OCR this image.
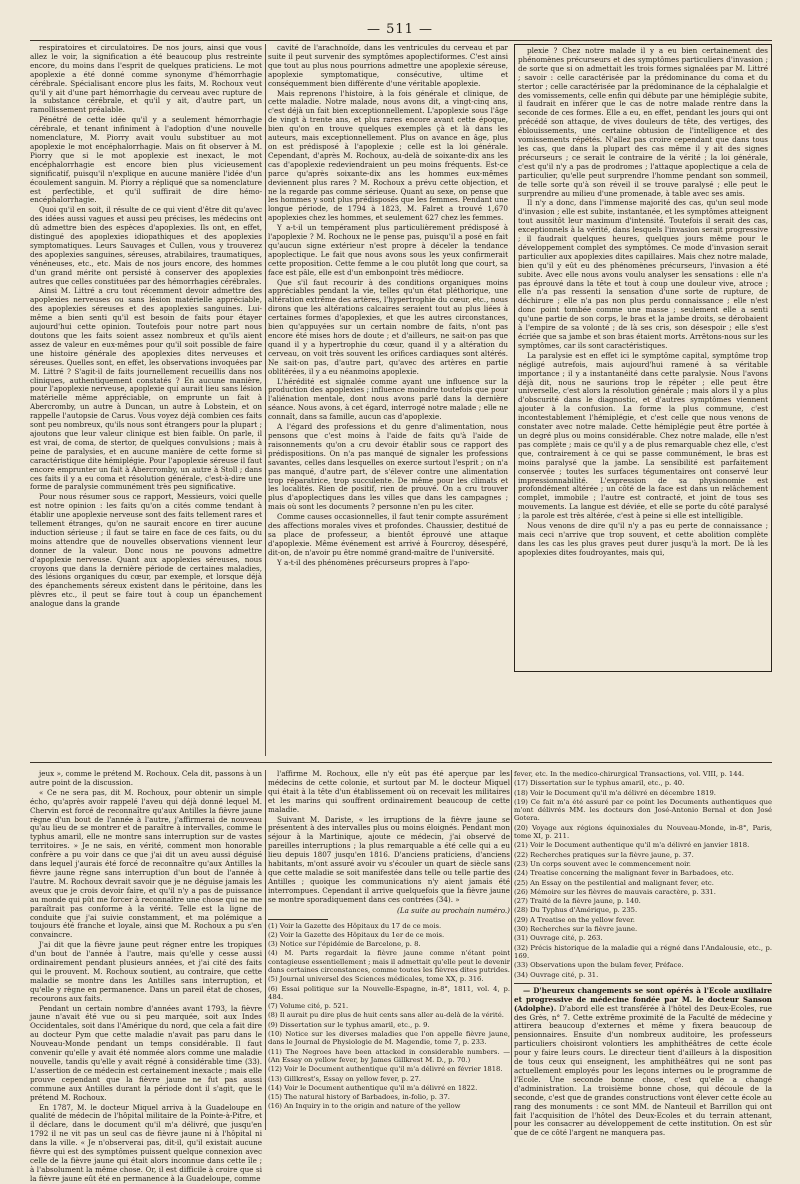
— 511 —

respiratoires et circulatoires. De nos jours, ainsi que vous allez le voir, la signification a été beaucoup plus restreinte encore, du moins dans l'esprit de quelques praticiens. Le mot apoplexie a été donné comme synonyme d'hémorrhagie cérébrale. Spécialisant encore plus les faits, M. Rochoux veut qu'il y ait d'une part hémorrhagie du cerveau avec rupture de la substance cérébrale, et qu'il y ait, d'autre part, un ramollissement préalable.

Pénétré de cette idée qu'il y a seulement hémorrhagie cérébrale, et tenant infiniment à l'adoption d'une nouvelle nomenclature, M. Piorry avait voulu substituer au mot apoplexie le mot encéphalorrhagie. Mais on fit observer à M. Piorry que si le mot apoplexie est inexact, le mot encéphalorrhagie est encore bien plus vicieusement significatif, puisqu'il n'explique en aucune manière l'idée d'un écoulement sanguin. M. Piorry a répliqué que sa nomenclature est perfectible, et qu'il suffirait de dire hémo-encéphalorrhagie.

Quoi qu'il en soit, il résulte de ce qui vient d'être dit qu'avec des idées aussi vagues et aussi peu précises, les médecins ont dû admettre bien des espèces d'apoplexies. Ils ont, en effet, distingué des apoplexies idiopathiques et des apoplexies symptomatiques. Leurs Sauvages et Cullen, vous y trouverez des apoplexies sanguines, séreuses, atrabilaires, traumatiques, vénéneuses, etc., etc. Mais de nos jours encore, des hommes d'un grand mérite ont persisté à conserver des apoplexies autres que celles constituées par des hémorrhagies cérébrales.

Ainsi M. Littré a cru tout récemment devoir admettre des apoplexies nerveuses ou sans lésion matérielle appréciable, des apoplexies séreuses et des apoplexies sanguines. Lui-même a bien senti qu'il est besoin de faits pour étayer aujourd'hui cette opinion. Toutefois pour notre part nous doutons que les faits soient assez nombreux et qu'ils aient assez de valeur en eux-mêmes pour qu'il soit possible de faire une histoire générale des apoplexies dites nerveuses et séreuses. Quelles sont, en effet, les observations invoquées par M. Littré ? S'agit-il de faits journellement recueillis dans nos cliniques, authentiquement constatés ? En aucune manière, pour l'apoplexie nerveuse, apoplexie qui aurait lieu sans lésion matérielle même appréciable, on emprunte un fait à Abercromby, un autre à Duncan, un autre à Lobstein, et on rappelle l'autopsie de Carus. Vous voyez déjà combien ces faits sont peu nombreux, qu'ils nous sont étrangers pour la plupart ; ajoutons que leur valeur clinique est bien faible. On parle, il est vrai, de coma, de stertor, de quelques convulsions ; mais à peine de paralysies, et en aucune manière de cette forme si caractéristique dite hémiplégie. Pour l'apoplexie séreuse il faut encore emprunter un fait à Abercromby, un autre à Stoll ; dans ces faits il y a eu coma et résolution générale, c'est-à-dire une forme de paralysie communément très peu significative.

Pour nous résumer sous ce rapport, Messieurs, voici quelle est notre opinion : les faits qu'on a cités comme tendant à établir une apoplexie nerveuse sont des faits tellement rares et tellement étranges, qu'on ne saurait encore en tirer aucune induction sérieuse ; il faut se taire en face de ces faits, ou du moins attendre que de nouvelles observations viennent leur donner de la valeur. Donc nous ne pouvons admettre d'apoplexie nerveuse. Quant aux apoplexies séreuses, nous croyons que dans la dernière période de certaines maladies, des lésions organiques du cœur, par exemple, et lorsque déjà des épanchements séreux existent dans le péritoine, dans les plèvres etc., il peut se faire tout à coup un épanchement analogue dans la grande

cavité de l'arachnoïde, dans les ventricules du cerveau et par suite il peut survenir des symptômes apoplectiformes. C'est ainsi que tout au plus nous pourrions admettre une apoplexie séreuse, apoplexie symptomatique, consécutive, ultime et conséquemment bien différente d'une véritable apoplexie.

Mais reprenons l'histoire, à la fois générale et clinique, de cette maladie. Notre malade, nous avons dit, a vingt-cinq ans, c'est déjà un fait bien exceptionnellement. L'apoplexie sous l'âge de vingt à trente ans, et plus rares encore avant cette époque, bien qu'on en trouve quelques exemples çà et là dans les auteurs, mais exceptionnellement. Plus on avance en âge, plus on est prédisposé à l'apoplexie ; celle est la loi générale. Cependant, d'après M. Rochoux, au-delà de soixante-dix ans les cas d'apoplexie redeviendraient un peu moins fréquents. Est-ce parce qu'après soixante-dix ans les hommes eux-mêmes deviennent plus rares ? M. Rochoux a prévu cette objection, et ne la regarde pas comme sérieuse. Quant au sexe, on pense que les hommes y sont plus prédisposés que les femmes. Pendant une longue période, de 1794 à 1823, M. Falret a trouvé 1,670 apoplexies chez les hommes, et seulement 627 chez les femmes.

Y a-t-il un tempérament plus particulièrement prédisposé à l'apoplexie ? M. Rochoux ne le pense pas, puisqu'il a posé en fait qu'aucun signe extérieur n'est propre à déceler la tendance apoplectique. Le fait que nous avons sous les yeux confirmerait cette proposition. Cette femme a le cou plutôt long que court, sa face est pâle, elle est d'un embonpoint très médiocre.

Que s'il faut recourir à des conditions organiques moins appréciables pendant la vie, telles qu'un état pléthorique, une altération extrême des artères, l'hypertrophie du cœur, etc., nous dirons que les altérations calcaires seraient tout au plus liées à certaines formes d'apoplexies, et que les autres circonstances, bien qu'appuyées sur un certain nombre de faits, n'ont pas encore été mises hors de doute ; et d'ailleurs, ne sait-on pas que quand il y a hypertrophie du cœur, quand il y a altération du cerveau, on voit très souvent les orifices cardiaques sont altérés. Ne sait-on pas, d'autre part, qu'avec des artères en partie oblitérées, il y a eu néanmoins apoplexie.

L'hérédité est signalée comme ayant une influence sur la production des apoplexies ; influence moindre toutefois que pour l'aliénation mentale, dont nous avons parlé dans la dernière séance. Nous avons, à cet égard, interrogé notre malade ; elle ne connaît, dans sa famille, aucun cas d'apoplexie.

A l'égard des professions et du genre d'alimentation, nous pensons que c'est moins à l'aide de faits qu'à l'aide de raisonnements qu'on a cru devoir établir sous ce rapport des prédispositions. On n'a pas manqué de signaler les professions savantes, celles dans lesquelles on exerce surtout l'esprit ; on n'a pas manqué, d'autre part, de s'élever contre une alimentation trop réparatrice, trop succulente. De même pour les climats et les localités. Rien de positif, rien de prouvé. On a cru trouver plus d'apoplectiques dans les villes que dans les campagnes ; mais où sont les documents ? personne n'en pu les citer.

Comme causes occasionnelles, il faut tenir compte assurément des affections morales vives et profondes. Chaussier, destitué de sa place de professeur, a bientôt éprouvé une attaque d'apoplexie. Même événement est arrivé à Fourcroy, désespéré, dit-on, de n'avoir pu être nommé grand-maître de l'université.

Y a-t-il des phénomènes précurseurs propres à l'apo-

plexie ? Chez notre malade il y a eu bien certainement des phénomènes précurseurs et des symptômes particuliers d'invasion ; de sorte que si on admettait les trois formes signalées par M. Littré ; savoir : celle caractérisée par la prédominance du coma et du stertor ; celle caractérisée par la prédominance de la céphalalgie et des vomissements, celle enfin qui débute par une hémiplégie subite, il faudrait en inférer que le cas de notre malade rentre dans la seconde de ces formes. Elle a eu, en effet, pendant les jours qui ont précédé son attaque, de vives douleurs de tête, des vertiges, des éblouissements, une certaine obtusion de l'intelligence et des vomissements répétés. N'allez pas croire cependant que dans tous les cas, que dans la plupart des cas même il y ait des signes précurseurs ; ce serait le contraire de la vérité ; la loi générale, c'est qu'il n'y a pas de prodromes ; l'attaque apoplectique a cela de particulier, qu'elle peut surprendre l'homme pendant son sommeil, de telle sorte qu'à son réveil il se trouve paralysé ; elle peut le surprendre au milieu d'une promenade, à table avec ses amis.

Il n'y a donc, dans l'immense majorité des cas, qu'un seul mode d'invasion ; elle est subite, instantanée, et les symptômes atteignent tout aussitôt leur maximum d'intensité. Toutefois il serait des cas, exceptionnels à la vérité, dans lesquels l'invasion serait progressive ; il faudrait quelques heures, quelques jours même pour le développement complet des symptômes. Ce mode d'invasion serait particulier aux apoplexies dites capillaires. Mais chez notre malade, bien qu'il y eût eu des phénomènes précurseurs, l'invasion a été subite. Avec elle nous avons voulu analyser les sensations : elle n'a pas éprouvé dans la tête et tout à coup une douleur vive, atroce ; elle n'a pas ressenti la sensation d'une sorte de rupture, de déchirure ; elle n'a pas non plus perdu connaissance ; elle n'est donc point tombée comme une masse ; seulement elle a senti qu'une partie de son corps, le bras et la jambe droits, se dérobaient à l'empire de sa volonté ; de là ses cris, son désespoir ; elle s'est écriée que sa jambe et son bras étaient morts. Arrêtons-nous sur les symptômes, car ils sont caractéristiques.

La paralysie est en effet ici le symptôme capital, symptôme trop négligé autrefois, mais aujourd'hui ramené à sa véritable importance ; il y a instantanéité dans cette paralysie. Nous l'avons déjà dit, nous ne saurions trop le répéter ; elle peut être universelle, c'est alors la résolution générale ; mais alors il y a plus d'obscurité dans le diagnostic, et d'autres symptômes viennent ajouter à la confusion. La forme la plus commune, c'est incontestablement l'hémiplégie, et c'est celle que nous venons de constater avec notre malade. Cette hémiplégie peut être portée à un degré plus ou moins considérable. Chez notre malade, elle n'est pas complète ; mais ce qu'il y a de plus remarquable chez elle, c'est que, contrairement à ce qui se passe communément, le bras est moins paralysé que la jambe. La sensibilité est parfaitement conservée ; toutes les surfaces tégumentaires ont conservé leur impressionnabilité. L'expression de sa physionomie est profondément altérée ; un côté de la face est dans un relâchement complet, immobile ; l'autre est contracté, et joint de tous ses mouvements. La langue est déviée, et elle se porte du côté paralysé ; la parole est très altérée, c'est à peine si elle est intelligible.

Nous venons de dire qu'il n'y a pas eu perte de connaissance ; mais ceci n'arrive que trop souvent, et cette abolition complète dans les cas les plus graves peut durer jusqu'à la mort. De là les apoplexies dites foudroyantes, mais qui,

jeux », comme le prétend M. Rochoux. Cela dit, passons à un autre point de la discussion.

« Ce ne sera pas, dit M. Rochoux, pour obtenir un simple écho, qu'après avoir rappelé l'aveu qui déjà donné lequel M. Chervin est forcé de reconnaître qu'aux Antilles la fièvre jaune règne d'un bout de l'année à l'autre, j'affirmerai de nouveau qu'au lieu de se montrer et de paraître à intervalles, comme le typhus amaril, elle ne montre sans interruption sur de vastes territoires. » Je ne sais, en vérité, comment mon honorable confrère a pu voir dans ce que j'ai dit un aveu aussi déguisé dans lequel j'aurais été forcé de reconnaître qu'aux Antilles la fièvre jaune règne sans interruption d'un bout de l'année à l'autre. M. Rochoux devrait savoir que je ne déguise jamais les aveux que je crois devoir faire, et qu'il n'y a pas de puissance au monde qui pût me forcer à reconnaître une chose qui ne me paraîtrait pas conforme à la vérité. Telle est la ligne de conduite que j'ai suivie constamment, et ma polémique a toujours été franche et loyale, ainsi que M. Rochoux a pu s'en convaincre.

J'ai dit que la fièvre jaune peut régner entre les tropiques d'un bout de l'année à l'autre, mais qu'elle y cesse aussi ordinairement pendant plusieurs années, et j'ai cité des faits qui le prouvent. M. Rochoux soutient, au contraire, que cette maladie se montre dans les Antilles sans interruption, et qu'elle y règne en permanence. Dans un pareil état de choses, recourons aux faits.

Pendant un certain nombre d'années avant 1793, la fièvre jaune n'avait été vue ou si peu marquée, soit aux Indes Occidentales, soit dans l'Amérique du nord, que cela a fait dire au docteur Pym que cette maladie n'avait pas paru dans le Nouveau-Monde pendant un temps considérable. Il faut convenir qu'elle y avait été nommée alors comme une maladie nouvelle, tandis qu'elle y avait régné à considérable time (33). L'assertion de ce médecin est certainement inexacte ; mais elle prouve cependant que la fièvre jaune ne fut pas aussi commune aux Antilles durant la période dont il s'agit, que le prétend M. Rochoux.

En 1787, M. le docteur Miquel arriva à la Guadeloupe en qualité de médecin de l'hôpital militaire de la Pointe-à-Pitre, et il déclare, dans le document qu'il m'a délivré, que jusqu'en 1792 il ne vit pas un seul cas de fièvre jaune ni à l'hôpital ni dans la ville. « Je n'observerai pas, dit-il, qu'il existait aucune fièvre qui est des symptômes puissent quelque connexion avec celle de la fièvre jaune qui était alors inconnue dans cette île ; à l'absolument la même chose. Or, il est difficile à croire que si la fièvre jaune eût été en permanence à la Guadeloupe, comme

l'affirme M. Rochoux, elle n'y eût pas été aperçue par les médecins de cette colonie, et surtout par M. le docteur Miquel qui était à la tête d'un établissement où on recevait les militaires et les marins qui souffrent ordinairement beaucoup de cette maladie.

Suivant M. Dariste, « les irruptions de la fièvre jaune se présentent à des intervalles plus ou moins éloignés. Pendant mon séjour à la Martinique, ajoute ce médecin, j'ai observé de pareilles interruptions ; la plus remarquable a été celle qui a eu lieu depuis 1807 jusqu'en 1816. D'anciens praticiens, d'anciens habitants, m'ont assuré avoir vu s'écouler un quart de siècle sans que cette maladie se soit manifestée dans telle ou telle partie des Antilles ; quoique les communications n'y aient jamais été interrompues. Cependant il arrive quelquefois que la fièvre jaune se montre sporadiquement dans ces contrées (34). »

(La suite au prochain numéro.)
(1) Voir la Gazette des Hôpitaux du 17 de ce mois.
(2) Voir la Gazette des Hôpitaux du 1er de ce mois.
(3) Notice sur l'épidémie de Barcelone, p. 8.
(4) M. Parts regardait la fièvre jaune comme n'étant point contagieuse essentiellement ; mais il admettait qu'elle peut le devenir dans certaines circonstances, comme toutes les fièvres dites putrides.
(5) Journal universel des Sciences médicales, tome XX, p. 316.
(6) Essai politique sur la Nouvelle-Espagne, in-8°, 1811, vol. 4, p. 484.
(7) Volume cité, p. 521.
(8) Il aurait pu dire plus de huit cents sans aller au-delà de la vérité.
(9) Dissertation sur le typhus amaril, etc., p. 9.
(10) Notice sur les diverses maladies que l'on appelle fièvre jaune, dans le Journal de Physiologie de M. Magendie, tome 7, p. 233.
(11) The Negroes have been attacked in considerable numbers. — (An Essay on yellow fever, by James Gillkrest M. D., p. 70.)
(12) Voir le Document authentique qu'il m'a délivré en février 1818.
(13) Gillkrest's, Essay on yellow fever, p. 27.
(14) Voir le Document authentique qu'il m'a délivré en 1822.
(15) The natural history of Barbadoes, in-folio, p. 37.
(16) An Inquiry in to the origin and nature of the yellow
fever, etc. In the medico-chirurgical Transactions, vol. VIII, p. 144.
(17) Dissertation sur le typhus amaril, etc., p. 40.
(18) Voir le Document qu'il m'a délivré en décembre 1819.
(19) Ce fait m'a été assuré par ce point les Documents authentiques que m'ont délivrés MM. les docteurs don José-Antonio Bernal et don José Gotera.
(20) Voyage aux régions équinoxiales du Nouveau-Monde, in-8°, Paris, tome XI, p. 211.
(21) Voir le Document authentique qu'il m'a délivré en janvier 1818.
(22) Recherches pratiques sur la fièvre jaune, p. 37.
(23) Un corps souvent avec le commencement noir.
(24) Treatise concerning the malignant fever in Barbadoes, etc.
(25) An Essay on the pestilential and malignant fever, etc.
(26) Mémoire sur les fièvres de mauvais caractère, p. 331.
(27) Traité de la fièvre jaune, p. 140.
(28) Du Typhus d'Amérique, p. 235.
(29) A Treatise on the yellow fever.
(30) Recherches sur la fièvre jaune.
(31) Ouvrage cité, p. 263.
(32) Précis historique de la maladie qui a régné dans l'Andalousie, etc., p. 169.
(33) Observations upon the bulam fever, Préface.
(34) Ouvrage cité, p. 31.

— D'heureux changements se sont opérés à l'Ecole auxiliaire et progressive de médecine fondée par M. le docteur Sanson (Adolphe). D'abord elle est transférée à l'hôtel des Deux-Ecoles, rue des Grès, n° 7. Cette extrême proximité de la Faculté de médecine y attirera beaucoup d'externes et même y fixera beaucoup de pensionnaires. Ensuite d'un nombreux auditoire, les professeurs particuliers choisiront volontiers les amphithéâtres de cette école pour y faire leurs cours. Le directeur tient d'ailleurs à la disposition de tous ceux qui enseignent, les amphithéâtres qui ne sont pas actuellement employés pour les leçons internes ou le programme de l'Ecole. Une seconde bonne chose, c'est qu'elle a changé d'administration. La troisième bonne chose, qui découle de la seconde, c'est que de grandes constructions vont élever cette école au rang des monuments : ce sont MM. de Nanteuil et Barrillon qui ont fait l'acquisition de l'hôtel des Deux-Ecoles et du terrain attenant, pour les consacrer au développement de cette institution. On est sûr que de ce côté l'argent ne manquera pas.
